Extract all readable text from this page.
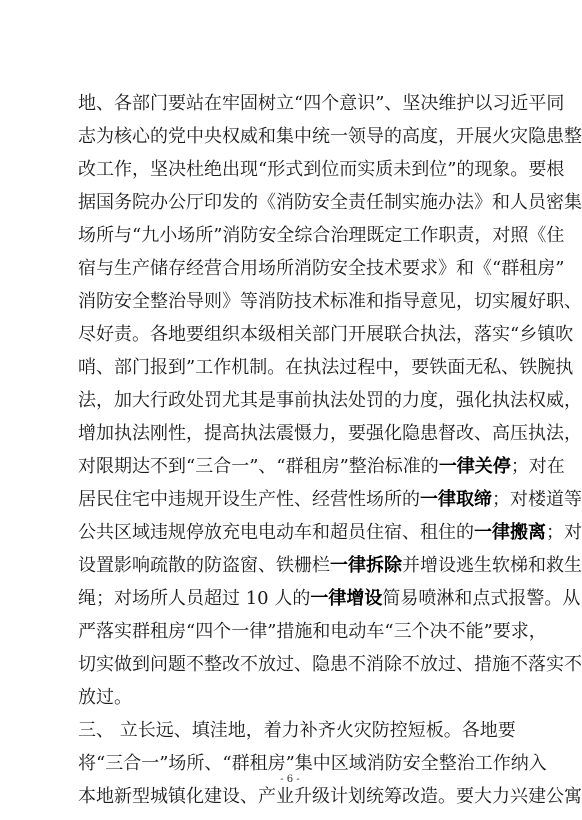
地、各部门要站在牢固树立“四个意识”、坚决维护以习近平同
志为核心的党中央权威和集中统一领导的高度，开展火灾隐患整
改工作，坚决杜绝出现“形式到位而实质未到位”的现象。要根
据国务院办公厅印发的《消防安全责任制实施办法》和人员密集
场所与“九小场所”消防安全综合治理既定工作职责，对照《住
宿与生产储存经营合用场所消防安全技术要求》和《“群租房”
消防安全整治导则》等消防技术标准和指导意见，切实履好职、
尽好责。各地要组织本级相关部门开展联合执法，落实“乡镇吹
哨、部门报到”工作机制。在执法过程中，要铁面无私、铁腕执
法，加大行政处罚尤其是事前执法处罚的力度，强化执法权威，
增加执法刚性，提高执法震慑力，要强化隐患督改、高压执法，
对限期达不到“三合一”、“群租房”整治标准的一律关停；对在
居民住宅中违规开设生产性、经营性场所的一律取缔；对楼道等
公共区域违规停放充电电动车和超员住宿、租住的一律搬离；对
设置影响疏散的防盗窗、铁栅栏一律拆除并增设逃生软梯和救生
绳；对场所人员超过 10 人的一律增设简易喷淋和点式报警。从
严落实群租房“四个一律”措施和电动车“三个决不能”要求，
切实做到问题不整改不放过、隐患不消除不放过、措施不落实不
放过。
三、 立长远、填洼地，着力补齐火灾防控短板。各地要
将“三合一”场所、“群租房”集中区域消防安全整治工作纳入
本地新型城镇化建设、产业升级计划统筹改造。要大力兴建公寓
- 6 -
